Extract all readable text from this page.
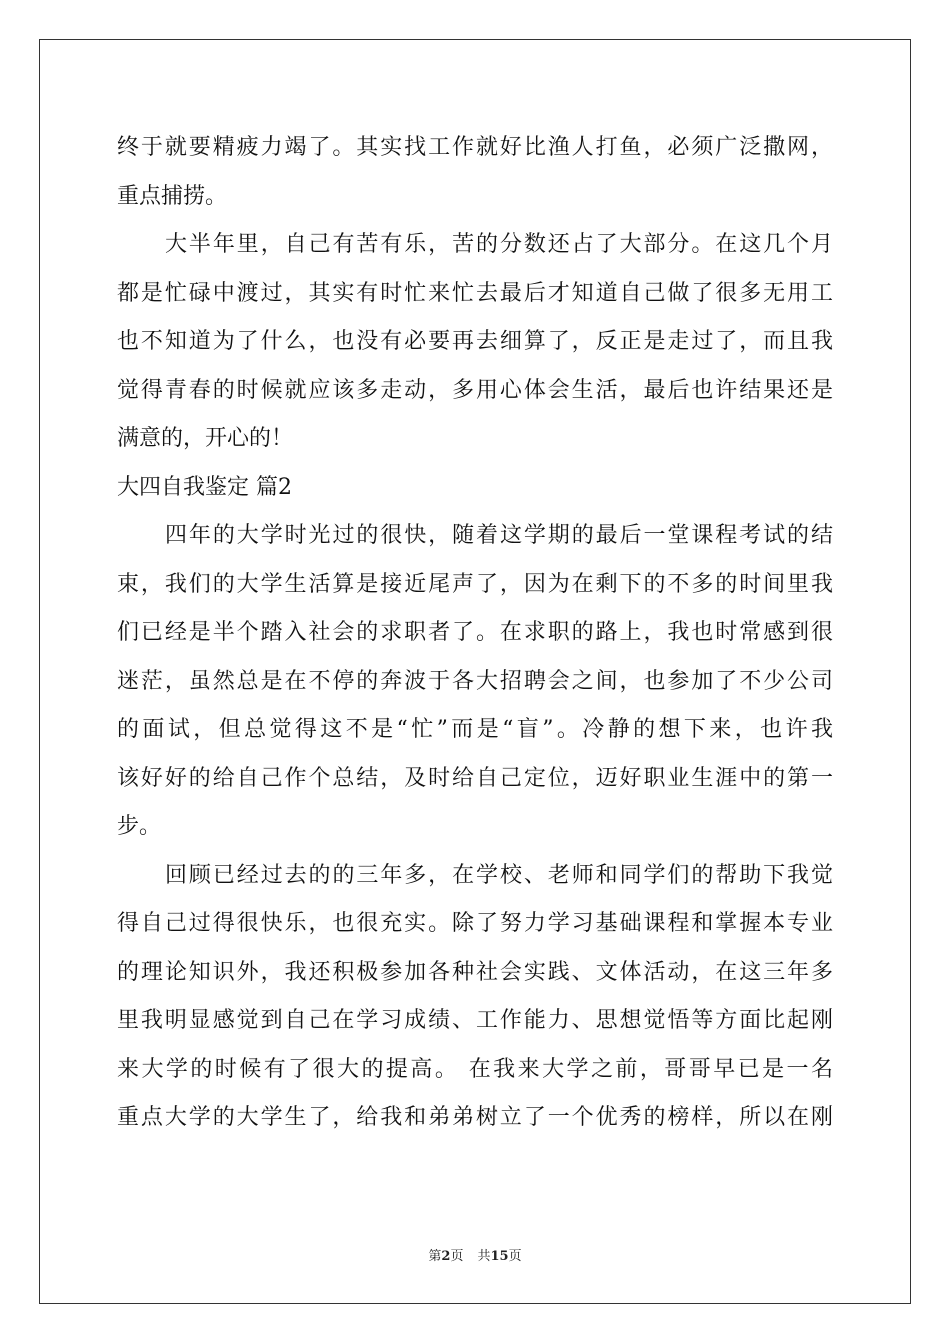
终于就要精疲力竭了。其实找工作就好比渔人打鱼，必须广泛撒网，
重点捕捞。
大半年里，自己有苦有乐，苦的分数还占了大部分。在这几个月
都是忙碌中渡过，其实有时忙来忙去最后才知道自己做了很多无用工
也不知道为了什么，也没有必要再去细算了，反正是走过了，而且我
觉得青春的时候就应该多走动，多用心体会生活，最后也许结果还是
满意的，开心的！
大四自我鉴定 篇2
四年的大学时光过的很快，随着这学期的最后一堂课程考试的结
束，我们的大学生活算是接近尾声了，因为在剩下的不多的时间里我
们已经是半个踏入社会的求职者了。在求职的路上，我也时常感到很
迷茫，虽然总是在不停的奔波于各大招聘会之间，也参加了不少公司
的面试，但总觉得这不是“忙”而是“盲”。冷静的想下来，也许我
该好好的给自己作个总结，及时给自己定位，迈好职业生涯中的第一
步。
回顾已经过去的的三年多，在学校、老师和同学们的帮助下我觉
得自己过得很快乐，也很充实。除了努力学习基础课程和掌握本专业
的理论知识外，我还积极参加各种社会实践、文体活动，在这三年多
里我明显感觉到自己在学习成绩、工作能力、思想觉悟等方面比起刚
来大学的时候有了很大的提高。 在我来大学之前，哥哥早已是一名
重点大学的大学生了，给我和弟弟树立了一个优秀的榜样，所以在刚
第2页 共15页
